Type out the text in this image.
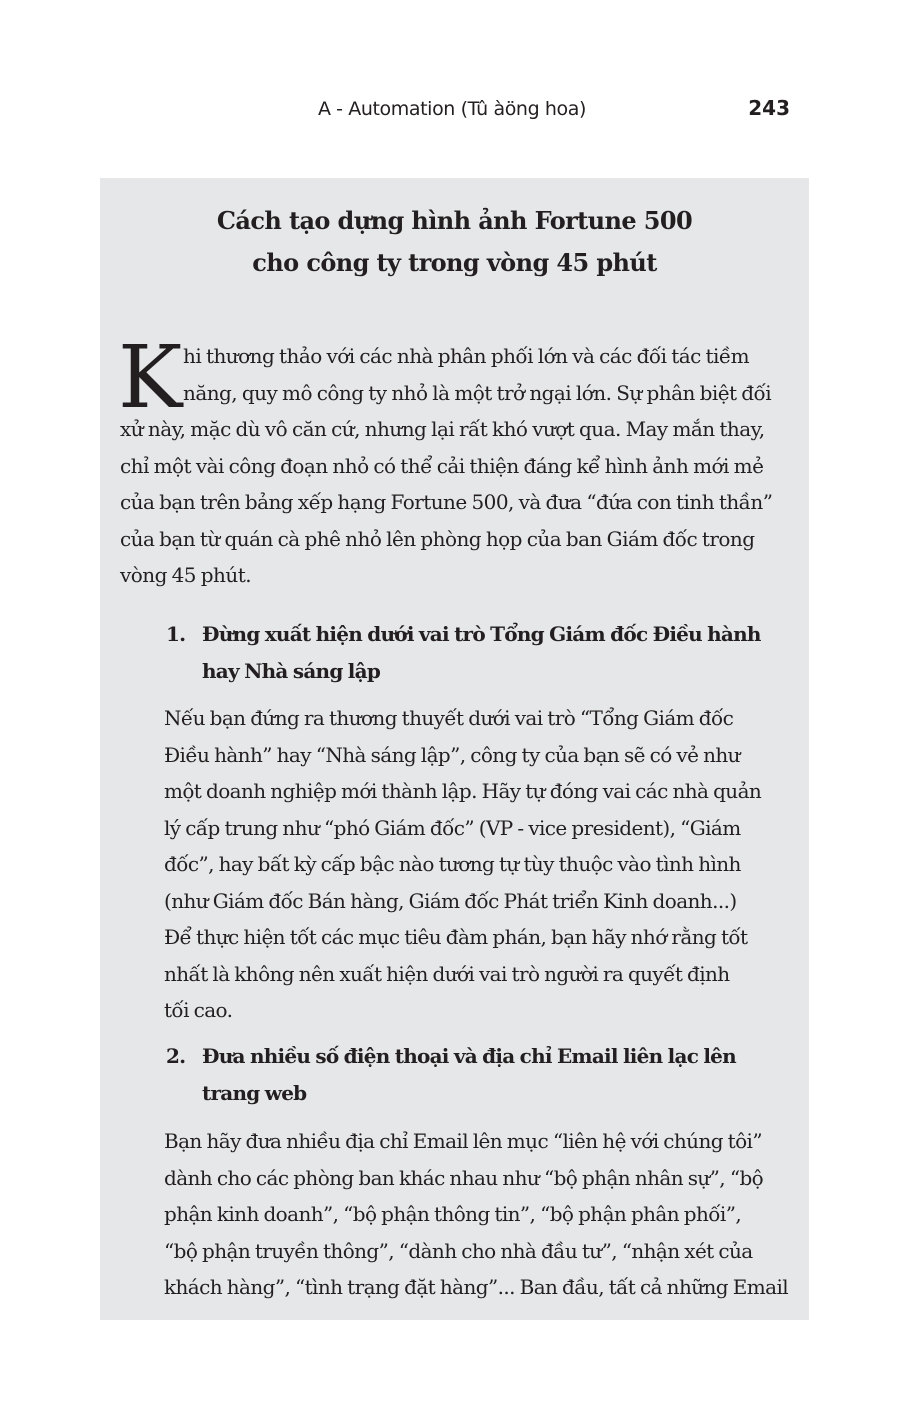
A - Automation (Tû àöng hoa)	243
Cách tạo dựng hình ảnh Fortune 500
cho công ty trong vòng 45 phút
K hi thương thảo với các nhà phân phối lớn và các đối tác tiềm
năng, quy mô công ty nhỏ là một trở ngại lớn. Sự phân biệt đối
xử này, mặc dù vô căn cứ, nhưng lại rất khó vượt qua. May mắn thay,
chỉ một vài công đoạn nhỏ có thể cải thiện đáng kể hình ảnh mới mẻ
của bạn trên bảng xếp hạng Fortune 500, và đưa “đứa con tinh thần”
của bạn từ quán cà phê nhỏ lên phòng họp của ban Giám đốc trong
vòng 45 phút.
1. Đừng xuất hiện dưới vai trò Tổng Giám đốc Điều hành
hay Nhà sáng lập
Nếu bạn đứng ra thương thuyết dưới vai trò “Tổng Giám đốc
Điều hành” hay “Nhà sáng lập”, công ty của bạn sẽ có vẻ như
một doanh nghiệp mới thành lập. Hãy tự đóng vai các nhà quản
lý cấp trung như “phó Giám đốc” (VP - vice president), “Giám
đốc”, hay bất kỳ cấp bậc nào tương tự tùy thuộc vào tình hình
(như Giám đốc Bán hàng, Giám đốc Phát triển Kinh doanh...)
Để thực hiện tốt các mục tiêu đàm phán, bạn hãy nhớ rằng tốt
nhất là không nên xuất hiện dưới vai trò người ra quyết định
tối cao.
2. Đưa nhiều số điện thoại và địa chỉ Email liên lạc lên
trang web
Bạn hãy đưa nhiều địa chỉ Email lên mục “liên hệ với chúng tôi”
dành cho các phòng ban khác nhau như “bộ phận nhân sự”, “bộ
phận kinh doanh”, “bộ phận thông tin”, “bộ phận phân phối”,
“bộ phận truyền thông”, “dành cho nhà đầu tư”, “nhận xét của
khách hàng”, “tình trạng đặt hàng”... Ban đầu, tất cả những Email
